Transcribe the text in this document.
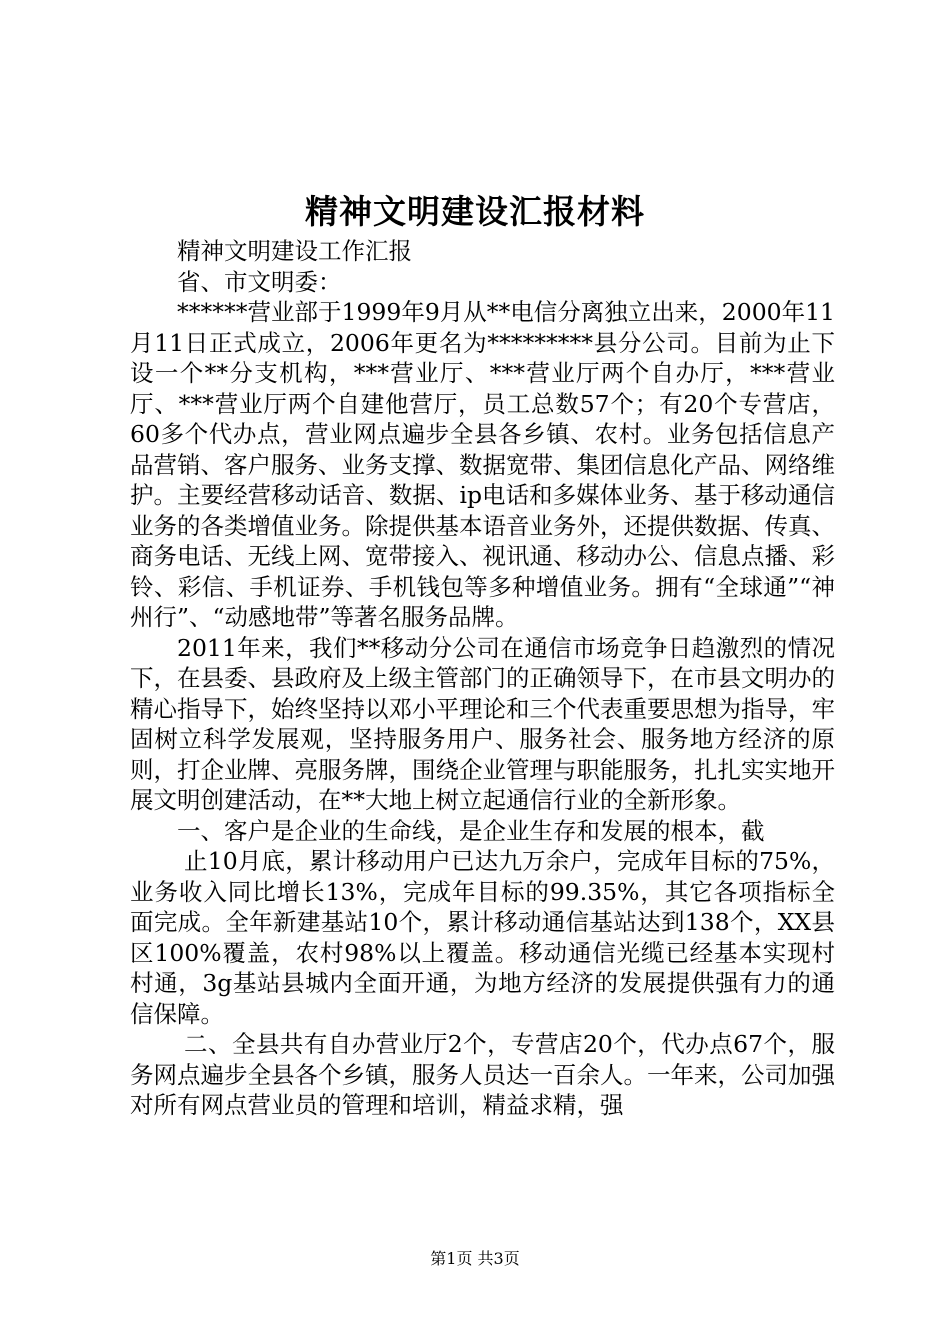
精神文明建设汇报材料

精神文明建设工作汇报

省、市文明委：

******营业部于1999年9月从**电信分离独立出来，2000年11月11日正式成立，2006年更名为*********县分公司。目前为止下设一个**分支机构，***营业厅、***营业厅两个自办厅，***营业厅、***营业厅两个自建他营厅，员工总数57个；有20个专营店，60多个代办点，营业网点遍步全县各乡镇、农村。业务包括信息产品营销、客户服务、业务支撑、数据宽带、集团信息化产品、网络维护。主要经营移动话音、数据、ip电话和多媒体业务、基于移动通信业务的各类增值业务。除提供基本语音业务外，还提供数据、传真、商务电话、无线上网、宽带接入、视讯通、移动办公、信息点播、彩铃、彩信、手机证券、手机钱包等多种增值业务。拥有“全球通”“神州行”、“动感地带”等著名服务品牌。

2011年来，我们**移动分公司在通信市场竞争日趋激烈的情况下，在县委、县政府及上级主管部门的正确领导下，在市县文明办的精心指导下，始终坚持以邓小平理论和三个代表重要思想为指导，牢固树立科学发展观，坚持服务用户、服务社会、服务地方经济的原则，打企业牌、亮服务牌，围绕企业管理与职能服务，扎扎实实地开展文明创建活动，在**大地上树立起通信行业的全新形象。

一、客户是企业的生命线，是企业生存和发展的根本，截

止10月底，累计移动用户已达九万余户，完成年目标的75%，业务收入同比增长13%，完成年目标的99.35%，其它各项指标全面完成。全年新建基站10个，累计移动通信基站达到138个，XX县区100%覆盖，农村98%以上覆盖。移动通信光缆已经基本实现村村通，3g基站县城内全面开通，为地方经济的发展提供强有力的通信保障。

二、全县共有自办营业厅2个，专营店20个，代办点67个，服务网点遍步全县各个乡镇，服务人员达一百余人。一年来，公司加强对所有网点营业员的管理和培训，精益求精，强

第1页 共3页
